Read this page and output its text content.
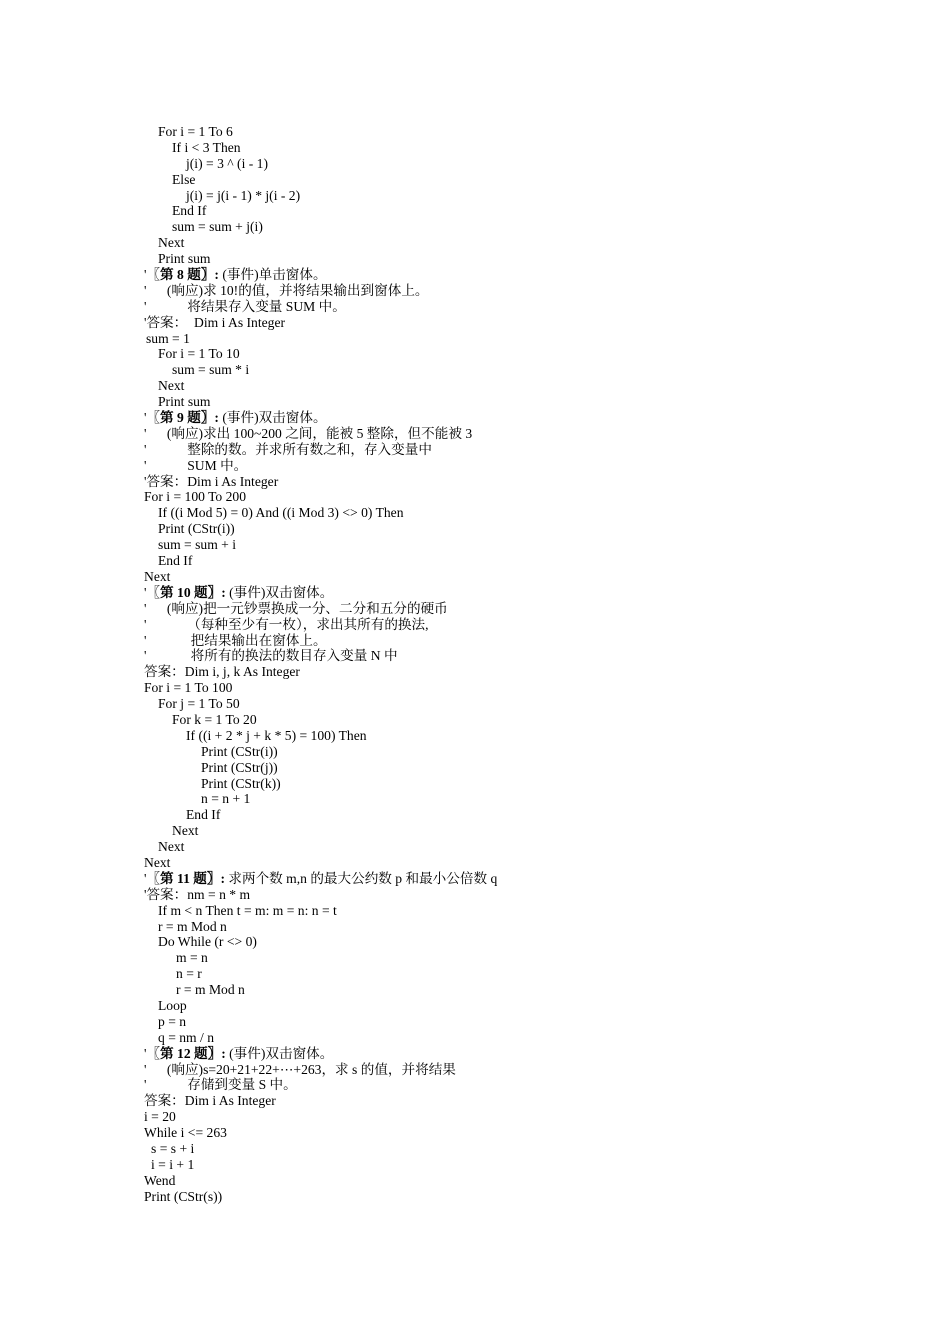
For i = 1 To 6
If i < 3 Then
j(i) = 3 ^ (i - 1)
Else
j(i) = j(i - 1) * j(i - 2)
End If
sum = sum + j(i)
Next
Print sum
'〖第 8 题〗: (事件)单击窗体。
'      (响应)求 10!的值，并将结果输出到窗体上。
'            将结果存入变量 SUM 中。
'答案：  Dim i As Integer
sum = 1
For i = 1 To 10
sum = sum * i
Next
Print sum
'〖第 9 题〗: (事件)双击窗体。
'      (响应)求出 100~200 之间，能被 5 整除，但不能被 3
'            整除的数。并求所有数之和，存入变量中
'            SUM 中。
'答案：Dim i As Integer
For i = 100 To 200
If ((i Mod 5) = 0) And ((i Mod 3) <> 0) Then
Print (CStr(i))
sum = sum + i
End If
Next
'〖第 10 题〗: (事件)双击窗体。
'      (响应)把一元钞票换成一分、二分和五分的硬币
'            （每种至少有一枚），求出其所有的换法,
'             把结果输出在窗体上。
'             将所有的换法的数目存入变量 N 中
答案：Dim i, j, k As Integer
For i = 1 To 100
For j = 1 To 50
For k = 1 To 20
If ((i + 2 * j + k * 5) = 100) Then
Print (CStr(i))
Print (CStr(j))
Print (CStr(k))
n = n + 1
End If
Next
Next
Next
'〖第 11 题〗: 求两个数 m,n 的最大公约数 p 和最小公倍数 q
'答案：nm = n * m
If m < n Then t = m: m = n: n = t
r = m Mod n
Do While (r <> 0)
m = n
n = r
r = m Mod n
Loop
p = n
q = nm / n
'〖第 12 题〗: (事件)双击窗体。
'      (响应)s=20+21+22+⋯+263，求 s 的值，并将结果
'            存储到变量 S 中。
答案：Dim i As Integer
i = 20
While i <= 263
s = s + i
i = i + 1
Wend
Print (CStr(s))
